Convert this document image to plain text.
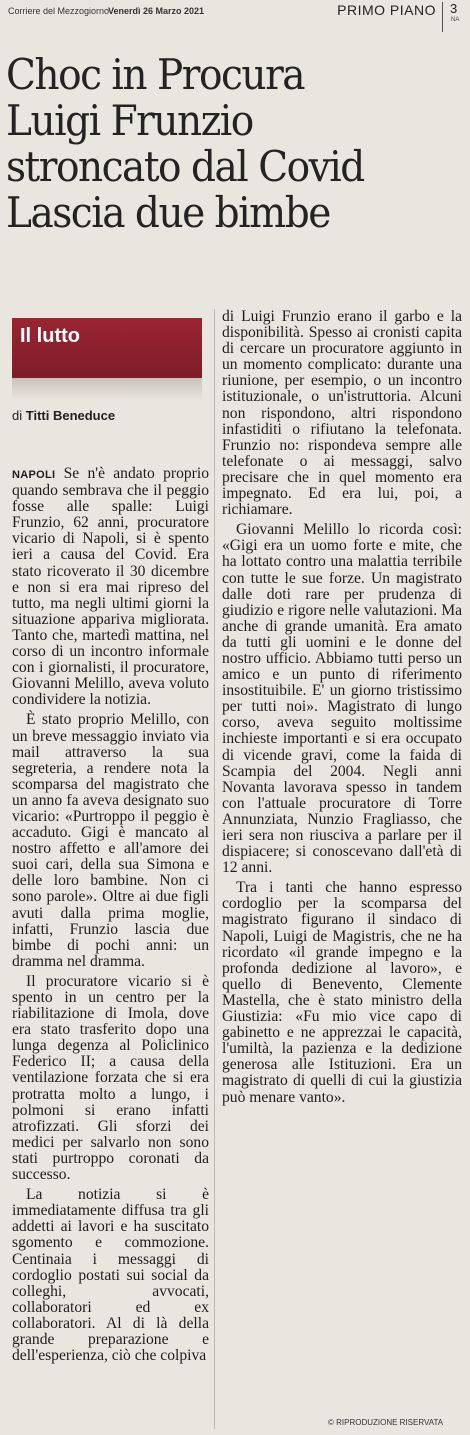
Corriere del Mezzogiorno
Venerdì 26 Marzo 2021	PRIMO PIANO 3
NA
Choc in Procura
Luigi Frunzio
stroncato dal Covid
Lascia due bimbe
Il lutto
di Titti Beneduce

NAPOLI Se n'è andato proprio quando sembrava che il peggio fosse alle spalle: Luigi Frunzio, 62 anni, procuratore vicario di Napoli, si è spento ieri a causa del Covid. Era stato ricoverato il 30 dicembre e non si era mai ripreso del tutto, ma negli ultimi giorni la situazione appariva migliorata. Tanto che, martedì mattina, nel corso di un incontro informale con i giornalisti, il procuratore, Giovanni Melillo, aveva voluto condividere la notizia.

È stato proprio Melillo, con un breve messaggio inviato via mail attraverso la sua segreteria, a rendere nota la scomparsa del magistrato che un anno fa aveva designato suo vicario: «Purtroppo il peggio è accaduto. Gigi è mancato al nostro affetto e all'amore dei suoi cari, della sua Simona e delle loro bambine. Non ci sono parole». Oltre ai due figli avuti dalla prima moglie, infatti, Frunzio lascia due bimbe di pochi anni: un dramma nel dramma.

Il procuratore vicario si è spento in un centro per la riabilitazione di Imola, dove era stato trasferito dopo una lunga degenza al Policlinico Federico II; a causa della ventilazione forzata che si era protratta molto a lungo, i polmoni si erano infatti atrofizzati. Gli sforzi dei medici per salvarlo non sono stati purtroppo coronati da successo.

La notizia si è immediatamente diffusa tra gli addetti ai lavori e ha suscitato sgomento e commozione. Centinaia i messaggi di cordoglio postati sui social da colleghi, avvocati, collaboratori ed ex collaboratori. Al di là della grande preparazione e dell'esperienza, ciò che colpiva

di Luigi Frunzio erano il garbo e la disponibilità. Spesso ai cronisti capita di cercare un procuratore aggiunto in un momento complicato: durante una riunione, per esempio, o un incontro istituzionale, o un'istruttoria. Alcuni non rispondono, altri rispondono infastiditi o rifiutano la telefonata. Frunzio no: rispondeva sempre alle telefonate o ai messaggi, salvo precisare che in quel momento era impegnato. Ed era lui, poi, a richiamare.

Giovanni Melillo lo ricorda così: «Gigi era un uomo forte e mite, che ha lottato contro una malattia terribile con tutte le sue forze. Un magistrato dalle doti rare per prudenza di giudizio e rigore nelle valutazioni. Ma anche di grande umanità. Era amato da tutti gli uomini e le donne del nostro ufficio. Abbiamo tutti perso un amico e un punto di riferimento insostituibile. E' un giorno tristissimo per tutti noi». Magistrato di lungo corso, aveva seguito moltissime inchieste importanti e si era occupato di vicende gravi, come la faida di Scampia del 2004. Negli anni Novanta lavorava spesso in tandem con l'attuale procuratore di Torre Annunziata, Nunzio Fragliasso, che ieri sera non riusciva a parlare per il dispiacere; si conoscevano dall'età di 12 anni.

Tra i tanti che hanno espresso cordoglio per la scomparsa del magistrato figurano il sindaco di Napoli, Luigi de Magistris, che ne ha ricordato «il grande impegno e la profonda dedizione al lavoro», e quello di Benevento, Clemente Mastella, che è stato ministro della Giustizia: «Fu mio vice capo di gabinetto e ne apprezzai le capacità, l'umiltà, la pazienza e la dedizione generosa alle Istituzioni. Era un magistrato di quelli di cui la giustizia può menare vanto».

© RIPRODUZIONE RISERVATA
